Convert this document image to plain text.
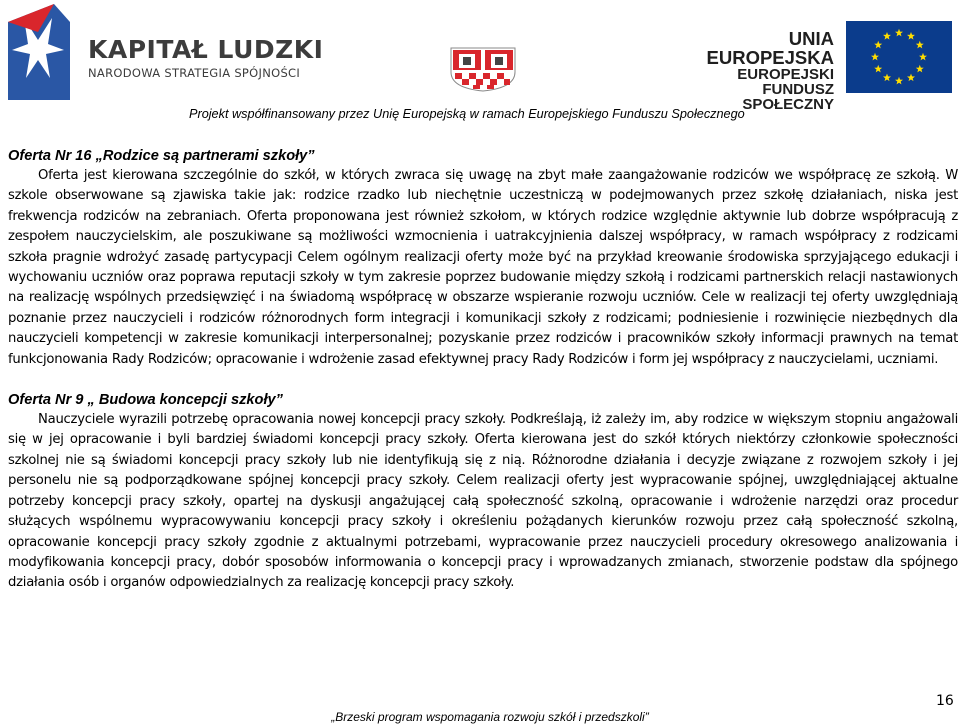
KAPITAŁ LUDZKI
NARODOWA STRATEGIA SPÓJNOŚCI
UNIA EUROPEJSKA
EUROPEJSKI
FUNDUSZ SPOŁECZNY
Projekt współfinansowany przez Unię Europejską w ramach Europejskiego Funduszu Społecznego

Oferta Nr 16 „Rodzice są partnerami szkoły”

Oferta jest kierowana szczególnie do szkół, w których zwraca się uwagę na zbyt małe zaangażowanie rodziców we współpracę ze szkołą. W szkole obserwowane są zjawiska takie jak: rodzice rzadko lub niechętnie uczestniczą w podejmowanych przez szkołę działaniach, niska jest frekwencja rodziców na zebraniach. Oferta proponowana jest również szkołom, w których rodzice względnie aktywnie lub dobrze współpracują z zespołem nauczycielskim, ale poszukiwane są możliwości wzmocnienia i uatrakcyjnienia dalszej współpracy, w ramach współpracy z rodzicami szkoła pragnie wdrożyć zasadę partycypacji Celem ogólnym realizacji oferty może być na przykład kreowanie środowiska sprzyjającego edukacji i wychowaniu uczniów oraz poprawa reputacji szkoły w tym zakresie poprzez budowanie między szkołą i rodzicami partnerskich relacji nastawionych na realizację wspólnych przedsięwzięć i na świadomą współpracę w obszarze wspieranie rozwoju uczniów. Cele w realizacji tej oferty uwzględniają poznanie przez nauczycieli i rodziców różnorodnych form integracji i komunikacji szkoły z rodzicami; podniesienie i rozwinięcie niezbędnych dla nauczycieli kompetencji w zakresie komunikacji interpersonalnej; pozyskanie przez rodziców i pracowników szkoły informacji prawnych na temat funkcjonowania Rady Rodziców; opracowanie i wdrożenie zasad efektywnej pracy Rady Rodziców i form jej współpracy z nauczycielami, uczniami.

Oferta Nr 9 „ Budowa koncepcji szkoły”

Nauczyciele wyrazili potrzebę opracowania nowej koncepcji pracy szkoły. Podkreślają, iż zależy im, aby rodzice w większym stopniu angażowali się w jej opracowanie i byli bardziej świadomi koncepcji pracy szkoły. Oferta kierowana jest do szkół których niektórzy członkowie społeczności szkolnej nie są świadomi koncepcji pracy szkoły lub nie identyfikują się z nią. Różnorodne działania i decyzje związane z rozwojem szkoły i jej personelu nie są podporządkowane spójnej koncepcji pracy szkoły. Celem realizacji oferty jest wypracowanie spójnej, uwzględniającej aktualne potrzeby koncepcji pracy szkoły, opartej na dyskusji angażującej całą społeczność szkolną, opracowanie i wdrożenie narzędzi oraz procedur służących wspólnemu wypracowywaniu koncepcji pracy szkoły i określeniu pożądanych kierunków rozwoju przez całą społeczność szkolną, opracowanie koncepcji pracy szkoły zgodnie z aktualnymi potrzebami, wypracowanie przez nauczycieli procedury okresowego analizowania i modyfikowania koncepcji pracy, dobór sposobów informowania o koncepcji pracy i wprowadzanych zmianach, stworzenie podstaw dla spójnego działania osób i organów odpowiedzialnych za realizację koncepcji pracy szkoły.

16
„Brzeski program wspomagania rozwoju szkół i przedszkoli”
